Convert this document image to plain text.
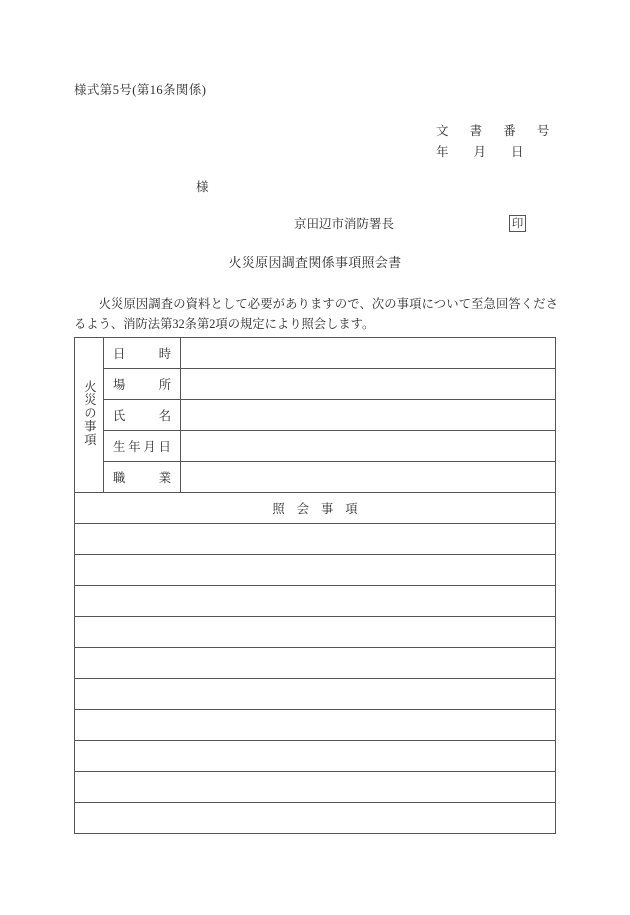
様式第5号(第16条関係)
文 書 番 号
年　　月　　日
様
京田辺市消防署長	印
火災原因調査関係事項照会書
火災原因調査の資料として必要がありますので、次の事項について至急回答くださるよう、消防法第32条第2項の規定により照会します。
火災の事項	日 時	

	場 所	

	氏 名	

	生 年 月 日	

	職 業	

照会事項		
